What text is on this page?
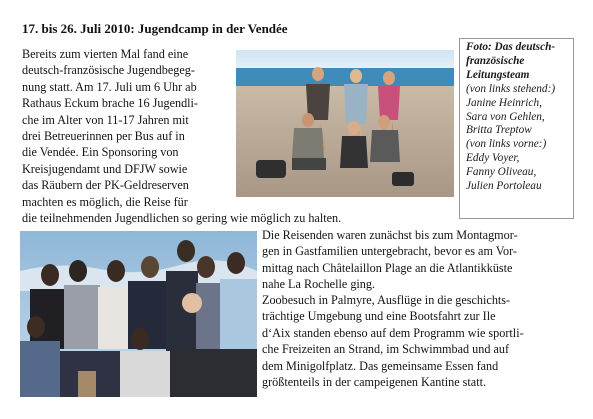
17. bis 26. Juli 2010: Jugendcamp in der Vendée
Bereits zum vierten Mal fand eine
deutsch-französische Jugendbegeg-
nung statt. Am 17. Juli um 6 Uhr ab
Rathaus Eckum brache 16 Jugendli-
che im Alter von 11-17 Jahren mit
drei Betreuerinnen per Bus auf in
die Vendée. Ein Sponsoring von
Kreisjugendamt und DFJW sowie
das Räubern der PK-Geldreserven
machten es möglich, die Reise für
die teilnehmenden Jugendlichen so gering wie möglich zu halten.
Foto: Das deutsch-
französische
Leitungsteam
(von links stehend:)
Janine Heinrich,
Sara von Gehlen,
Britta Treptow
(von links vorne:)
Eddy Voyer,
Fanny Oliveau,
Julien Portoleau
Die Reisenden waren zunächst bis zum Montagmor-
gen in Gastfamilien untergebracht, bevor es am Vor-
mittag nach Châtelaillon Plage an die Atlantikküste
nahe La Rochelle ging.
Zoobesuch in Palmyre, Ausflüge in die geschichts-
trächtige Umgebung und eine Bootsfahrt zur Ile
d‘Aix standen ebenso auf dem Programm wie sportli-
che Freizeiten an Strand, im Schwimmbad und auf
dem Minigolfplatz. Das gemeinsame Essen fand
größtenteils in der campeigenen Kantine statt.
